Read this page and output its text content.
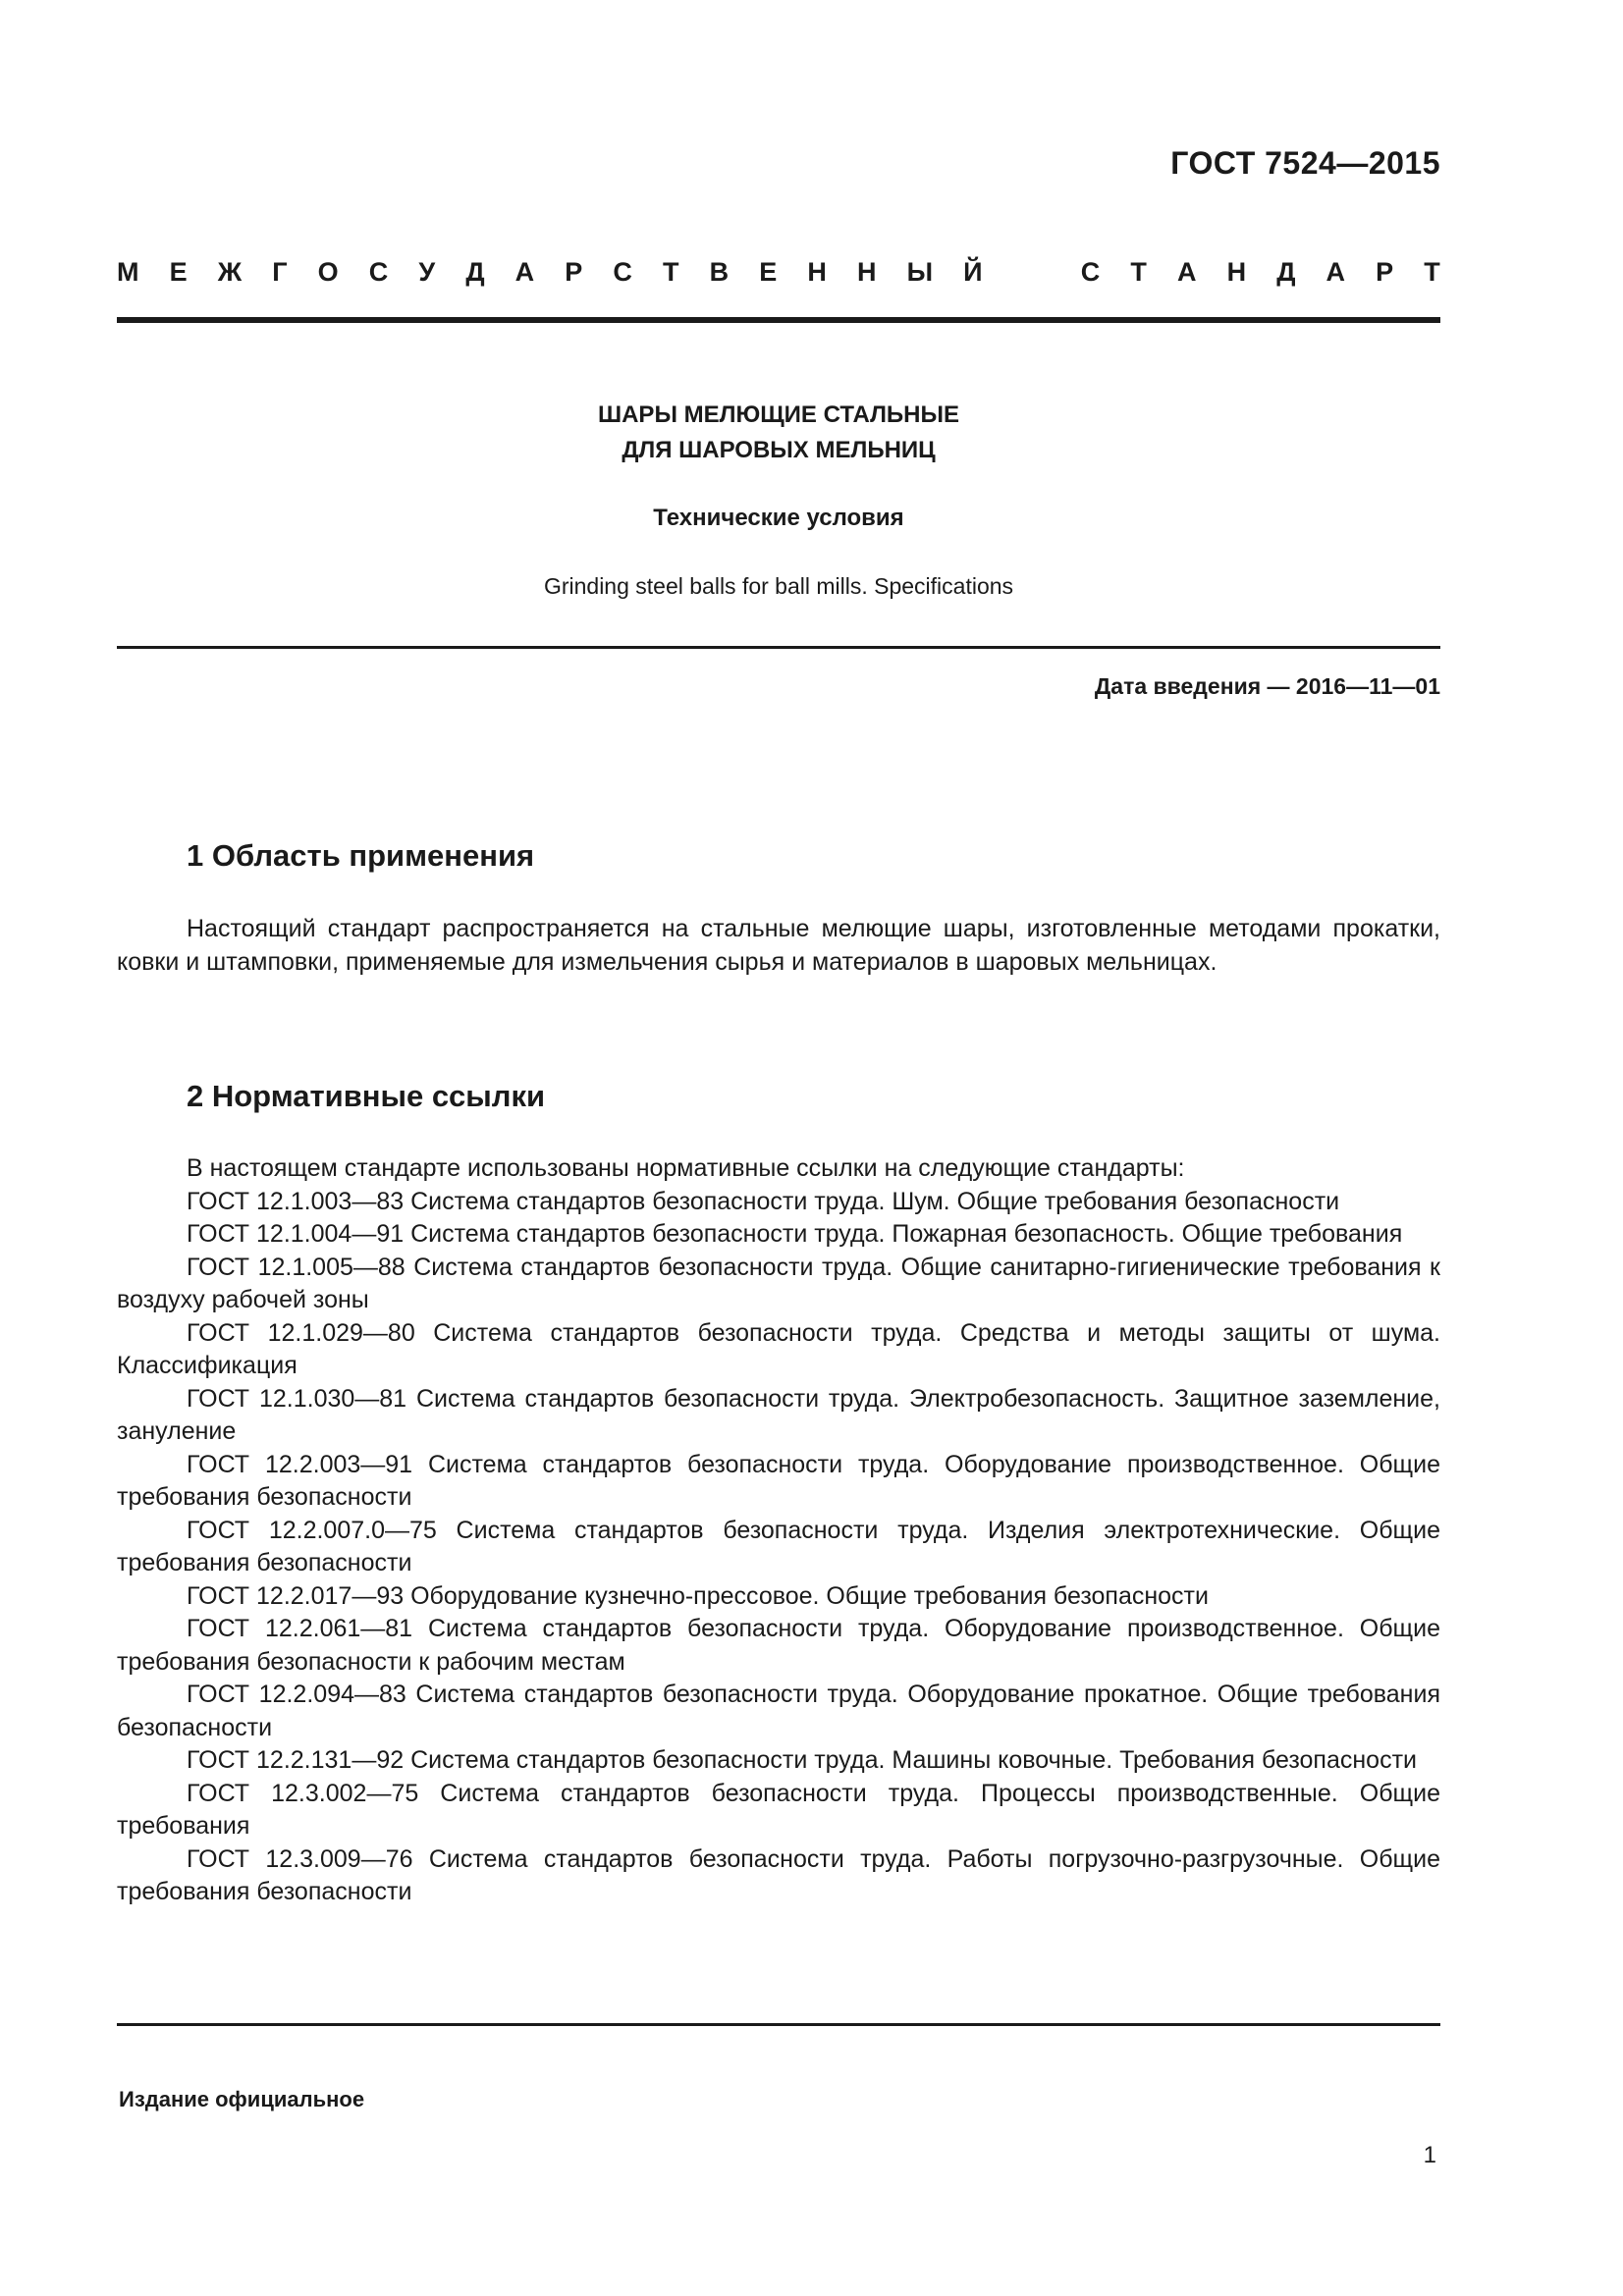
ГОСТ 7524—2015
М Е Ж Г О С У Д А Р С Т В Е Н Н Ы Й	С Т А Н Д А Р Т
ШАРЫ МЕЛЮЩИЕ СТАЛЬНЫЕ
ДЛЯ ШАРОВЫХ МЕЛЬНИЦ
Технические условия
Grinding steel balls for ball mills. Specifications
Дата введения — 2016—11—01
1 Область применения

Настоящий стандарт распространяется на стальные мелющие шары, изготовленные методами прокатки, ковки и штамповки, применяемые для измельчения сырья и материалов в шаровых мельницах.

2 Нормативные ссылки

В настоящем стандарте использованы нормативные ссылки на следующие стандарты:

ГОСТ 12.1.003—83 Система стандартов безопасности труда. Шум. Общие требования безопасности

ГОСТ 12.1.004—91 Система стандартов безопасности труда. Пожарная безопасность. Общие требования

ГОСТ 12.1.005—88 Система стандартов безопасности труда. Общие санитарно-гигиенические требования к воздуху рабочей зоны

ГОСТ 12.1.029—80 Система стандартов безопасности труда. Средства и методы защиты от шума. Классификация

ГОСТ 12.1.030—81 Система стандартов безопасности труда. Электробезопасность. Защитное заземление, зануление

ГОСТ 12.2.003—91 Система стандартов безопасности труда. Оборудование производственное. Общие требования безопасности

ГОСТ 12.2.007.0—75 Система стандартов безопасности труда. Изделия электротехнические. Общие требования безопасности

ГОСТ 12.2.017—93 Оборудование кузнечно-прессовое. Общие требования безопасности

ГОСТ 12.2.061—81 Система стандартов безопасности труда. Оборудование производственное. Общие требования безопасности к рабочим местам

ГОСТ 12.2.094—83 Система стандартов безопасности труда. Оборудование прокатное. Общие требования безопасности

ГОСТ 12.2.131—92 Система стандартов безопасности труда. Машины ковочные. Требования безопасности

ГОСТ 12.3.002—75 Система стандартов безопасности труда. Процессы производственные. Общие требования

ГОСТ 12.3.009—76 Система стандартов безопасности труда. Работы погрузочно-разгрузочные. Общие требования безопасности

Издание официальное
1
